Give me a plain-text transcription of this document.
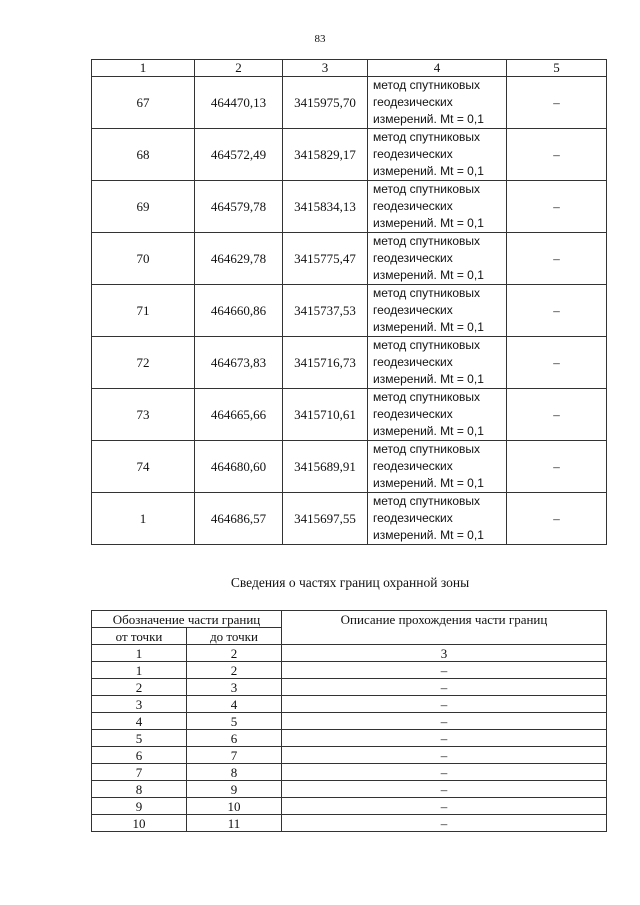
83
1	2	3	4	5
67	464470,13	3415975,70	метод спутниковых
геодезических
измерений. Mt = 0,1	–
68	464572,49	3415829,17	метод спутниковых
геодезических
измерений. Mt = 0,1	–
69	464579,78	3415834,13	метод спутниковых
геодезических
измерений. Mt = 0,1	–
70	464629,78	3415775,47	метод спутниковых
геодезических
измерений. Mt = 0,1	–
71	464660,86	3415737,53	метод спутниковых
геодезических
измерений. Mt = 0,1	–
72	464673,83	3415716,73	метод спутниковых
геодезических
измерений. Mt = 0,1	–
73	464665,66	3415710,61	метод спутниковых
геодезических
измерений. Mt = 0,1	–
74	464680,60	3415689,91	метод спутниковых
геодезических
измерений. Mt = 0,1	–
1	464686,57	3415697,55	метод спутниковых
геодезических
измерений. Mt = 0,1	–
Сведения о частях границ охранной зоны
Обозначение части границ		Описание прохождения части границ
от точки	до точки	
1	2	3
1	2	–
2	3	–
3	4	–
4	5	–
5	6	–
6	7	–
7	8	–
8	9	–
9	10	–
10	11	–
